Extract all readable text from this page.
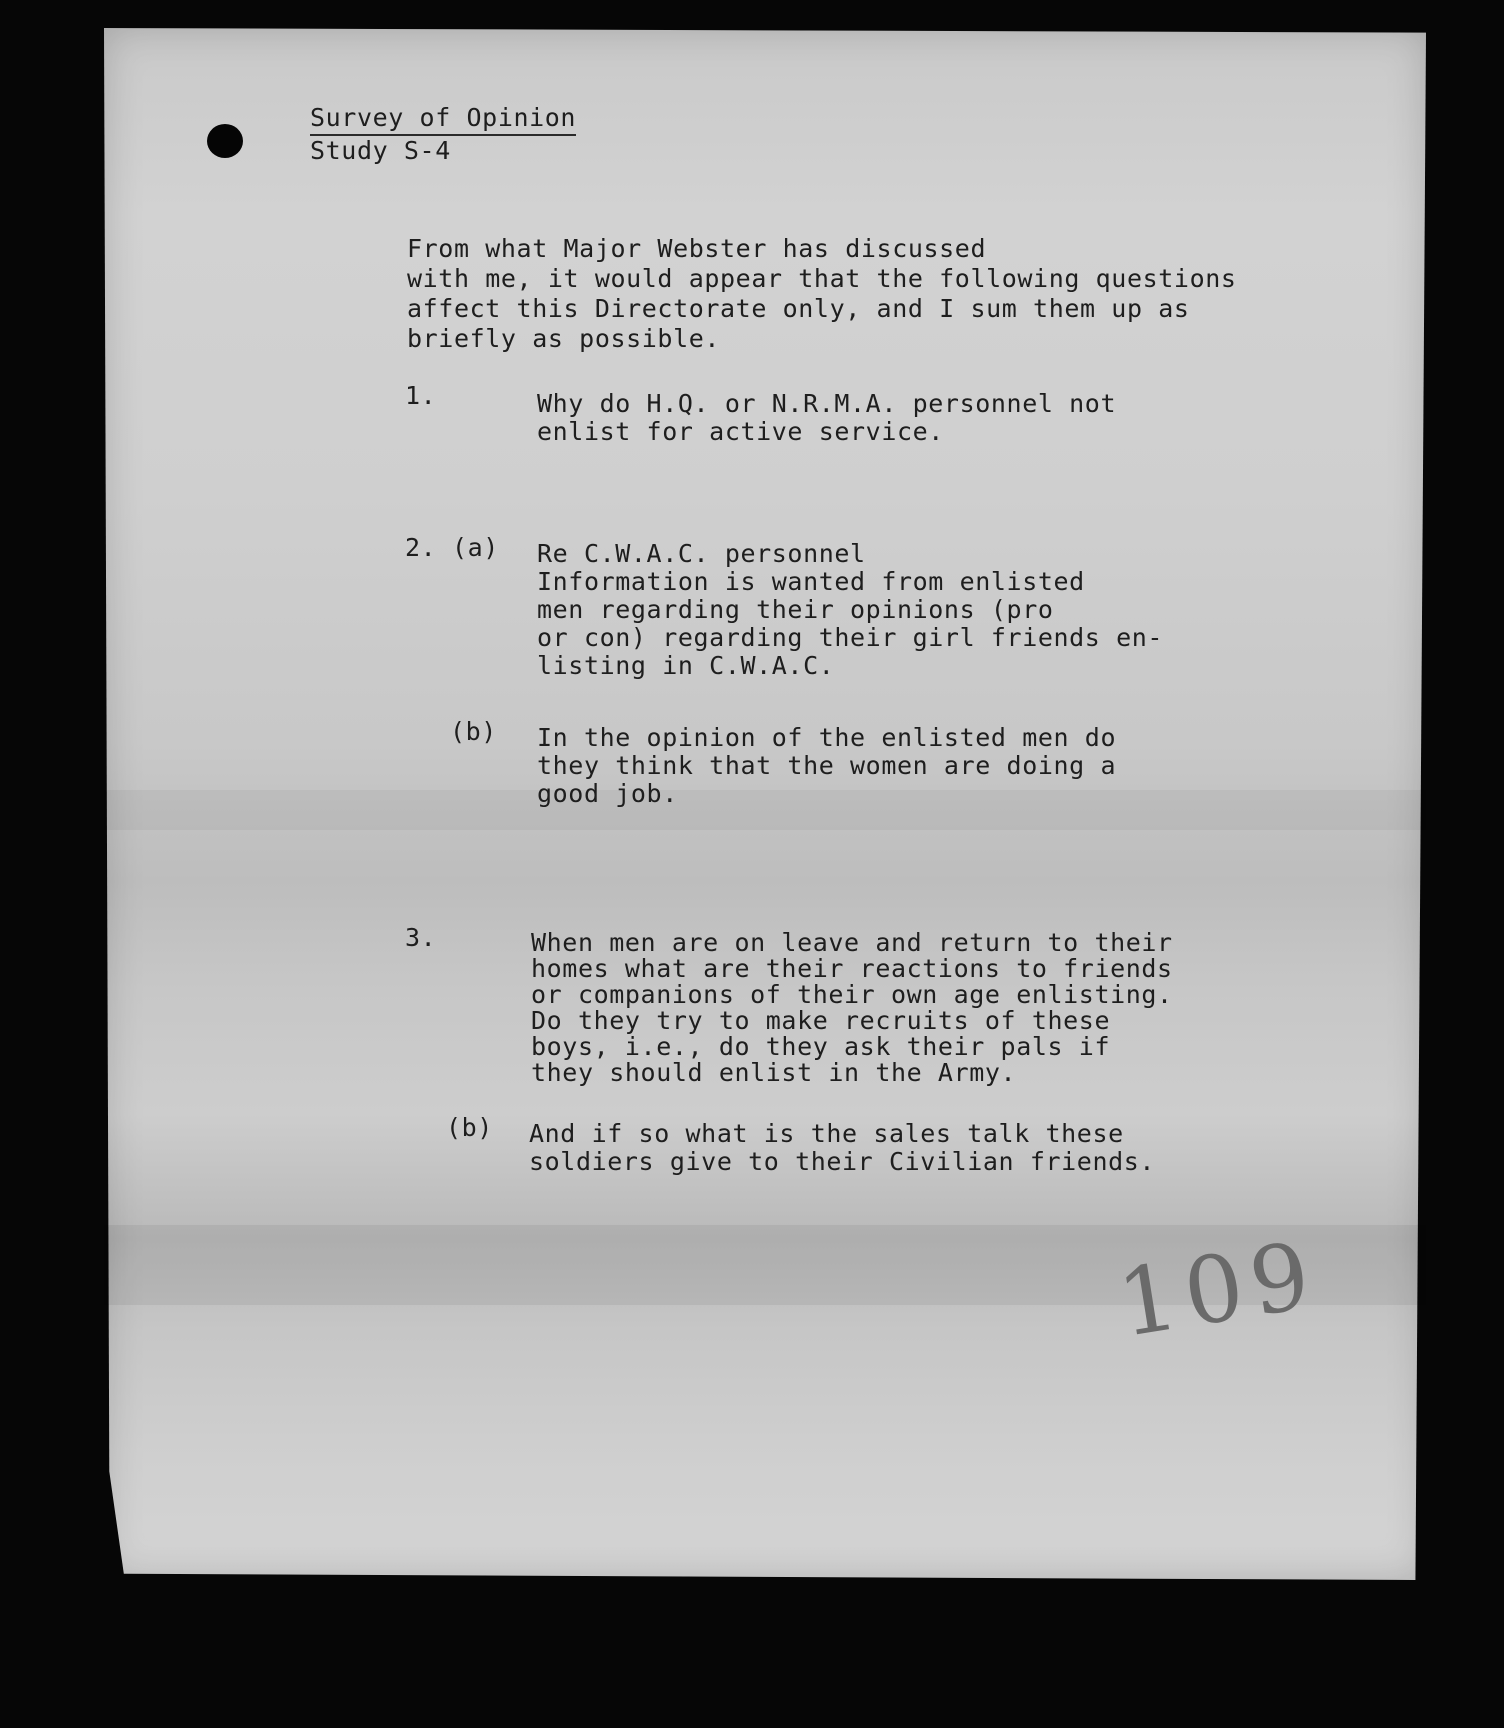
Survey of Opinion
Study S-4
From what Major Webster has discussed
with me, it would appear that the following questions
affect this Directorate only, and I sum them up as
briefly as possible.
1.	Why do H.Q. or N.R.M.A. personnel not
enlist for active service.
2. (a) Re C.W.A.C. personnel
Information is wanted from enlisted
men regarding their opinions (pro
or con) regarding their girl friends en-
listing in C.W.A.C.
(b) In the opinion of the enlisted men do
they think that the women are doing a
good job.
3.	When men are on leave and return to their
homes what are their reactions to friends
or companions of their own age enlisting.
Do they try to make recruits of these
boys, i.e., do they ask their pals if
they should enlist in the Army.
(b) And if so what is the sales talk these
soldiers give to their Civilian friends.
109
